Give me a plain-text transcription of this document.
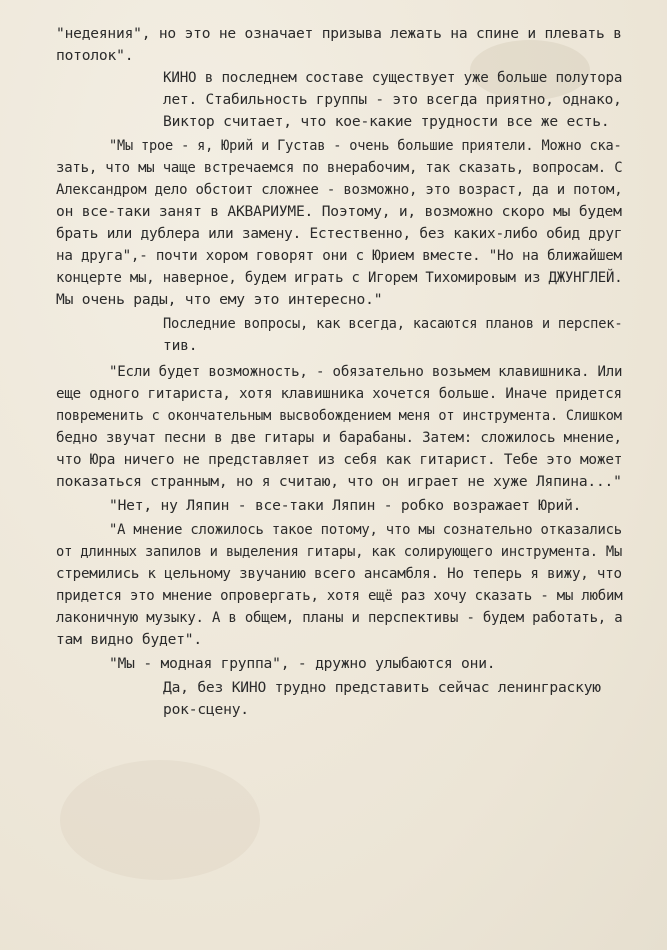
"недеяния", но это не означает призыва лежать на спине и плевать в
потолок".
КИНО в последнем составе существует уже больше полутора
лет. Стабильность группы - это всегда приятно, однако,
Виктор считает, что кое-какие трудности все же есть.
"Мы трое - я, Юрий и Густав - очень большие приятели. Можно ска-
зать, что мы чаще встречаемся по внерабочим, так сказать, вопросам. С
Александром дело обстоит сложнее - возможно, это возраст, да и потом,
он все-таки занят в АКВАРИУМЕ. Поэтому, и, возможно скоро мы будем
брать или дублера или замену. Естественно, без каких-либо обид друг
на друга",- почти хором говорят они с Юрием вместе. "Но на ближайшем
концерте мы, наверное, будем играть с Игорем Тихомировым из ДЖУНГЛЕЙ.
Мы очень рады, что ему это интересно."
Последние вопросы, как всегда, касаются планов и перспек-
тив.
"Если будет возможность, - обязательно возьмем клавишника. Или
еще одного гитариста, хотя клавишника хочется больше. Иначе придется
повременить с окончательным высвобождением меня от инструмента. Слишком
бедно звучат песни в две гитары и барабаны. Затем: сложилось мнение,
что Юра ничего не представляет из себя как гитарист. Тебе это может
показаться странным, но я считаю, что он играет не хуже Ляпина..."
"Нет, ну Ляпин - все-таки Ляпин - робко возражает Юрий.
"А мнение сложилось такое потому, что мы сознательно отказались
от длинных запилов и выделения гитары, как солирующего инструмента. Мы
стремились к цельному звучанию всего ансамбля. Но теперь я вижу, что
придется это мнение опровергать, хотя ещё раз хочу сказать - мы любим
лаконичную музыку. А в общем, планы и перспективы - будем работать, а
там видно будет".
"Мы - модная группа", - дружно улыбаются они.
Да, без КИНО трудно представить сейчас ленинграскую
рок-сцену.
